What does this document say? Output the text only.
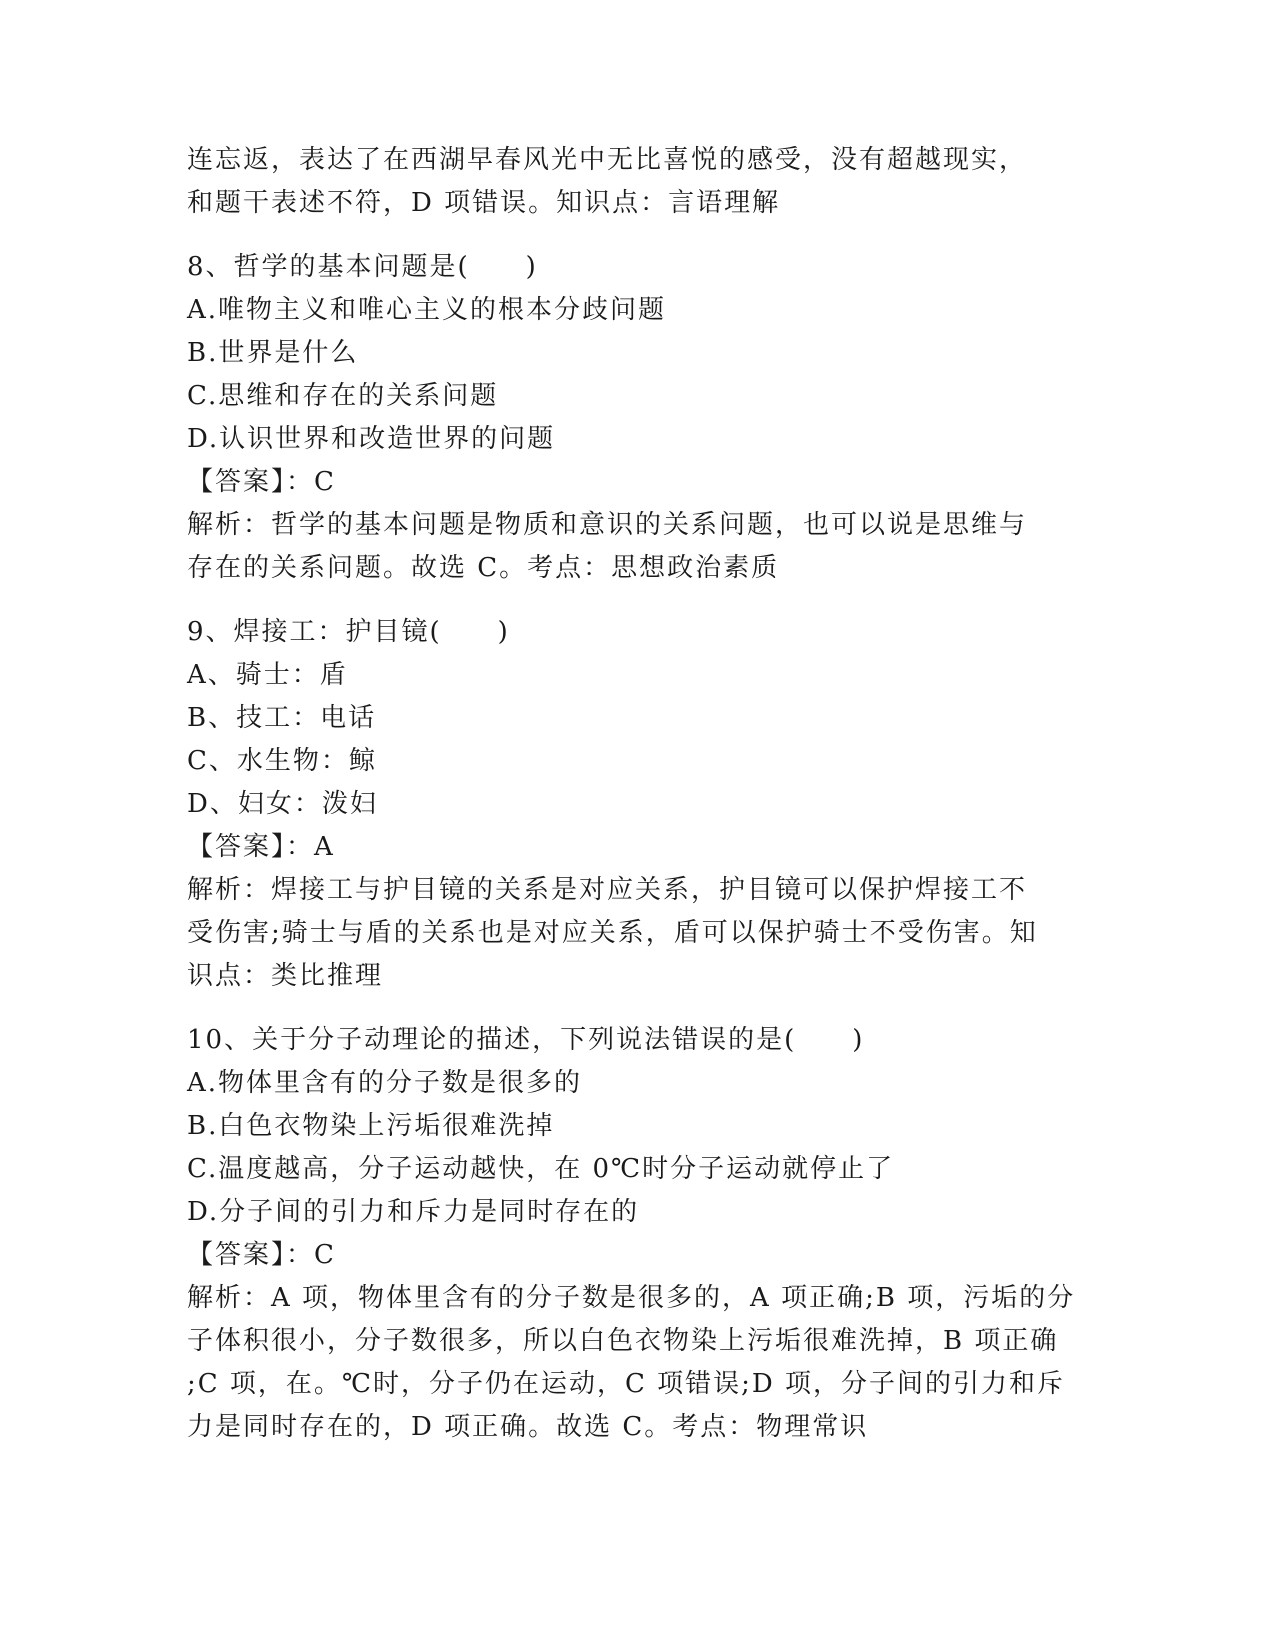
连忘返，表达了在西湖早春风光中无比喜悦的感受，没有超越现实，
和题干表述不符，D 项错误。知识点：言语理解
8、哲学的基本问题是(　　)
A.唯物主义和唯心主义的根本分歧问题
B.世界是什么
C.思维和存在的关系问题
D.认识世界和改造世界的问题
【答案】：C
解析：哲学的基本问题是物质和意识的关系问题，也可以说是思维与
存在的关系问题。故选 C。考点：思想政治素质
9、焊接工：护目镜(　　)
A、骑士：盾
B、技工：电话
C、水生物：鲸
D、妇女：泼妇
【答案】：A
解析：焊接工与护目镜的关系是对应关系，护目镜可以保护焊接工不
受伤害;骑士与盾的关系也是对应关系，盾可以保护骑士不受伤害。知
识点：类比推理
10、关于分子动理论的描述，下列说法错误的是(　　)
A.物体里含有的分子数是很多的
B.白色衣物染上污垢很难洗掉
C.温度越高，分子运动越快，在 0℃时分子运动就停止了
D.分子间的引力和斥力是同时存在的
【答案】：C
解析：A 项，物体里含有的分子数是很多的，A 项正确;B 项，污垢的分
子体积很小，分子数很多，所以白色衣物染上污垢很难洗掉，B 项正确
;C 项，在。℃时，分子仍在运动，C 项错误;D 项，分子间的引力和斥
力是同时存在的，D 项正确。故选 C。考点：物理常识
